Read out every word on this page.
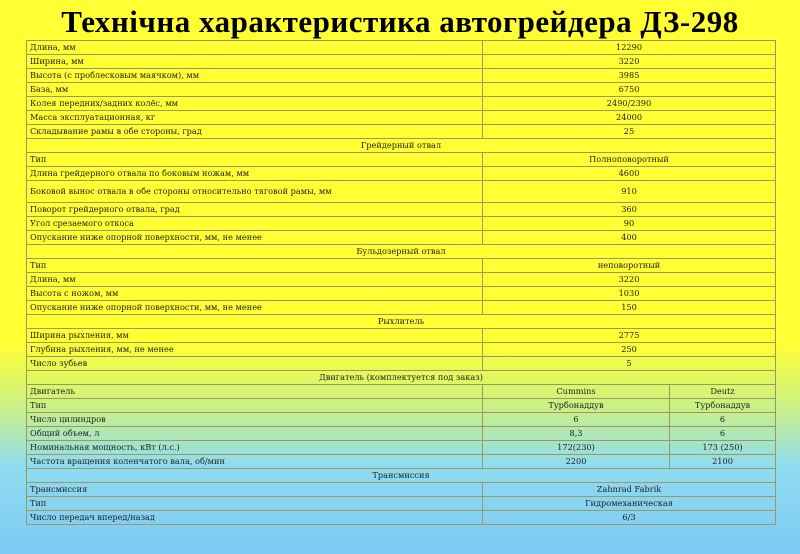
Технічна характеристика автогрейдера ДЗ-298
Длина, мм	12290	
Ширина, мм	3220	
Высота (с проблесковым маячком), мм	3985	
База, мм	6750	
Колея передних/задних колёс, мм	2490/2390	
Масса эксплуатационная, кг	24000	
Складывание рамы в обе стороны, град	25	
Грейдерный отвал		
Тип	Полноповоротный	
Длина грейдерного отвала по боковым ножам, мм	4600	
Боковой вынос отвала в обе стороны относительно тяговой рамы, мм	910	
Поворот грейдерного отвала, град	360	
Угол срезаемого откоса	90	
Опускание ниже опорной поверхности, мм, не менее	400	
Бульдозерный отвал		
Тип	неповоротный	
Длина, мм	3220	
Высота с ножом, мм	1030	
Опускание ниже опорной поверхности, мм, не менее	150	
Рыхлитель		
Ширина рыхления, мм	2775	
Глубина рыхления, мм, не менее	250	
Число зубьев	5	
Двигатель (комплектуется под заказ)		
Двигатель	Cummins	Deutz
Тип	Турбонаддув	Турбонаддув
Число цилиндров	6	6
Общий объем, л	8,3	6
Номинальная мощность, кВт (л.с.)	172(230)	173 (250)
Частота вращения коленчатого вала, об/мин	2200	2100
Трансмиссия		
Трансмиссия	Zahnrad Fabrik	
Тип	Гидромеханическая	
Число передач вперед/назад	6/3	
